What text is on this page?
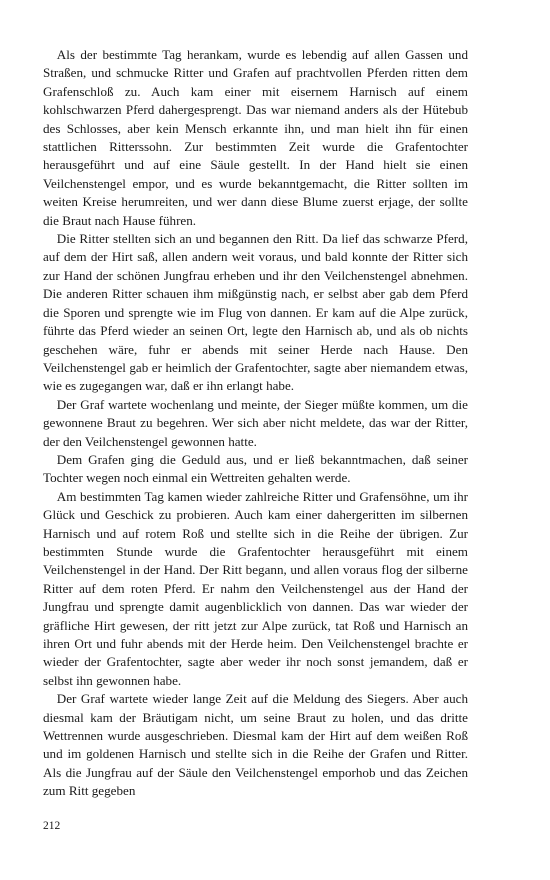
Als der bestimmte Tag herankam, wurde es lebendig auf allen Gassen und Straßen, und schmucke Ritter und Grafen auf prachtvollen Pferden ritten dem Grafenschloß zu. Auch kam einer mit eisernem Harnisch auf einem kohlschwarzen Pferd dahergesprengt. Das war niemand anders als der Hütebub des Schlosses, aber kein Mensch erkannte ihn, und man hielt ihn für einen stattlichen Ritterssohn. Zur bestimmten Zeit wurde die Grafentochter herausgeführt und auf eine Säule gestellt. In der Hand hielt sie einen Veilchenstengel empor, und es wurde bekanntgemacht, die Ritter sollten im weiten Kreise herumreiten, und wer dann diese Blume zuerst erjage, der sollte die Braut nach Hause führen.

Die Ritter stellten sich an und begannen den Ritt. Da lief das schwarze Pferd, auf dem der Hirt saß, allen andern weit voraus, und bald konnte der Ritter sich zur Hand der schönen Jungfrau erheben und ihr den Veilchenstengel abnehmen. Die anderen Ritter schauen ihm mißgünstig nach, er selbst aber gab dem Pferd die Sporen und sprengte wie im Flug von dannen. Er kam auf die Alpe zurück, führte das Pferd wieder an seinen Ort, legte den Harnisch ab, und als ob nichts geschehen wäre, fuhr er abends mit seiner Herde nach Hause. Den Veilchenstengel gab er heimlich der Grafentochter, sagte aber niemandem etwas, wie es zugegangen war, daß er ihn erlangt habe.

Der Graf wartete wochenlang und meinte, der Sieger müßte kommen, um die gewonnene Braut zu begehren. Wer sich aber nicht meldete, das war der Ritter, der den Veilchenstengel gewonnen hatte.

Dem Grafen ging die Geduld aus, und er ließ bekanntmachen, daß seiner Tochter wegen noch einmal ein Wettreiten gehalten werde.

Am bestimmten Tag kamen wieder zahlreiche Ritter und Grafensöhne, um ihr Glück und Geschick zu probieren. Auch kam einer dahergeritten im silbernen Harnisch und auf rotem Roß und stellte sich in die Reihe der übrigen. Zur bestimmten Stunde wurde die Grafentochter herausgeführt mit einem Veilchenstengel in der Hand. Der Ritt begann, und allen voraus flog der silberne Ritter auf dem roten Pferd. Er nahm den Veilchenstengel aus der Hand der Jungfrau und sprengte damit augenblicklich von dannen. Das war wieder der gräfliche Hirt gewesen, der ritt jetzt zur Alpe zurück, tat Roß und Harnisch an ihren Ort und fuhr abends mit der Herde heim. Den Veilchenstengel brachte er wieder der Grafentochter, sagte aber weder ihr noch sonst jemandem, daß er selbst ihn gewonnen habe.

Der Graf wartete wieder lange Zeit auf die Meldung des Siegers. Aber auch diesmal kam der Bräutigam nicht, um seine Braut zu holen, und das dritte Wettrennen wurde ausgeschrieben. Diesmal kam der Hirt auf dem weißen Roß und im goldenen Harnisch und stellte sich in die Reihe der Grafen und Ritter. Als die Jungfrau auf der Säule den Veilchenstengel emporhob und das Zeichen zum Ritt gegeben

212
